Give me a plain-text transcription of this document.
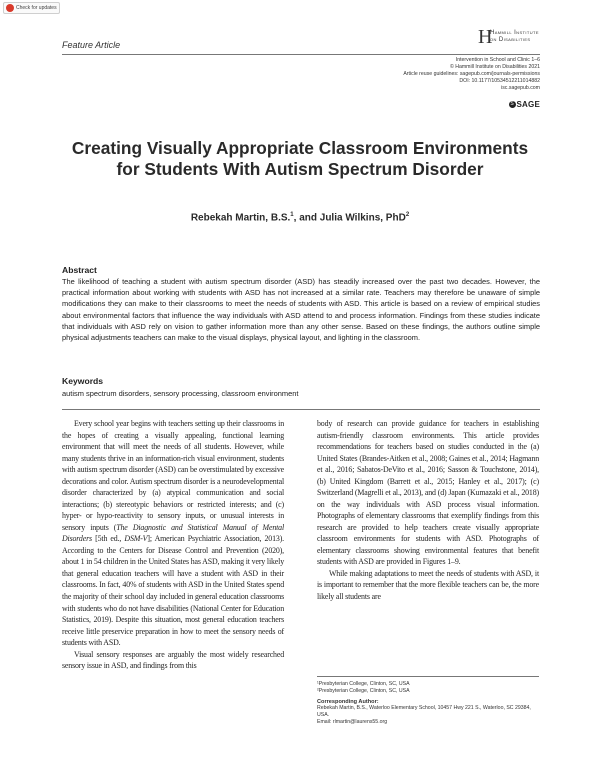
Check for updates
Feature Article	H
Hammill Institute
on Disabilities
Intervention in School and Clinic 1–6
© Hammill Institute on Disabilities 2021
Article reuse guidelines: sagepub.com/journals-permissions
DOI: 10.1177/10534512211014882
isc.sagepub.com
S SAGE
Creating Visually Appropriate Classroom Environments
for Students With Autism Spectrum Disorder
Rebekah Martin, B.S.$^1$, and Julia Wilkins, PhD$^2$
Abstract
The likelihood of teaching a student with autism spectrum disorder (ASD) has steadily increased over the past two decades. However, the practical information about working with students with ASD has not increased at a similar rate. Teachers may therefore be unaware of simple modifications they can make to their classrooms to meet the needs of students with ASD. This article is based on a review of empirical studies about environmental factors that influence the way individuals with ASD attend to and process information. Findings from these studies indicate that individuals with ASD rely on vision to gather information more than any other sense. Based on these findings, the authors outline simple physical adjustments teachers can make to the visual displays, physical layout, and lighting in the classroom.
Keywords
autism spectrum disorders, sensory processing, classroom environment

Every school year begins with teachers setting up their classrooms in the hopes of creating a visually appealing, functional learning environment that will meet the needs of all students. However, while many students thrive in an information-rich visual environment, students with autism spectrum disorder (ASD) can be overstimulated by excessive decorations and color. Autism spectrum disorder is a neurodevelopmental disorder characterized by (a) atypical communication and social interactions; (b) stereotypic behaviors or restricted interests; and (c) hyper- or hypo-reactivity to sensory inputs, or unusual interests in sensory inputs (The Diagnostic and Statistical Manual of Mental Disorders [5th ed., DSM-V]; American Psychiatric Association, 2013). According to the Centers for Disease Control and Prevention (2020), about 1 in 54 children in the United States has ASD, making it very likely that general education teachers will have a student with ASD in their classrooms. In fact, 40% of students with ASD in the United States spend the majority of their school day included in general education classrooms with students who do not have disabilities (National Center for Education Statistics, 2019). Despite this situation, most general education teachers receive little preservice preparation in how to meet the sensory needs of students with ASD.

Visual sensory responses are arguably the most widely researched sensory issue in ASD, and findings from this

body of research can provide guidance for teachers in establishing autism-friendly classroom environments. This article provides recommendations for teachers based on studies conducted in the (a) United States (Brandes-Aitken et al., 2008; Gaines et al., 2014; Hagmann et al., 2016; Sabatos-DeVito et al., 2016; Sasson & Touchstone, 2014), (b) United Kingdom (Barrett et al., 2015; Hanley et al., 2017); (c) Switzerland (Magrelli et al., 2013), and (d) Japan (Kumazaki et al., 2018) on the way individuals with ASD process visual information. Photographs of elementary classrooms that exemplify findings from this research are provided to help teachers create visually appropriate classroom environments for students with ASD. Photographs of elementary classrooms showing environmental features that benefit students with ASD are provided in Figures 1–9.

While making adaptations to meet the needs of students with ASD, it is important to remember that the more flexible teachers can be, the more likely all students are

¹Presbyterian College, Clinton, SC, USA
²Presbyterian College, Clinton, SC, USA
Corresponding Author:
Rebekah Martin, B.S., Waterloo Elementary School, 10457 Hwy 221 S., Waterloo, SC 29384, USA.
Email: rlmartin@laurens55.org
